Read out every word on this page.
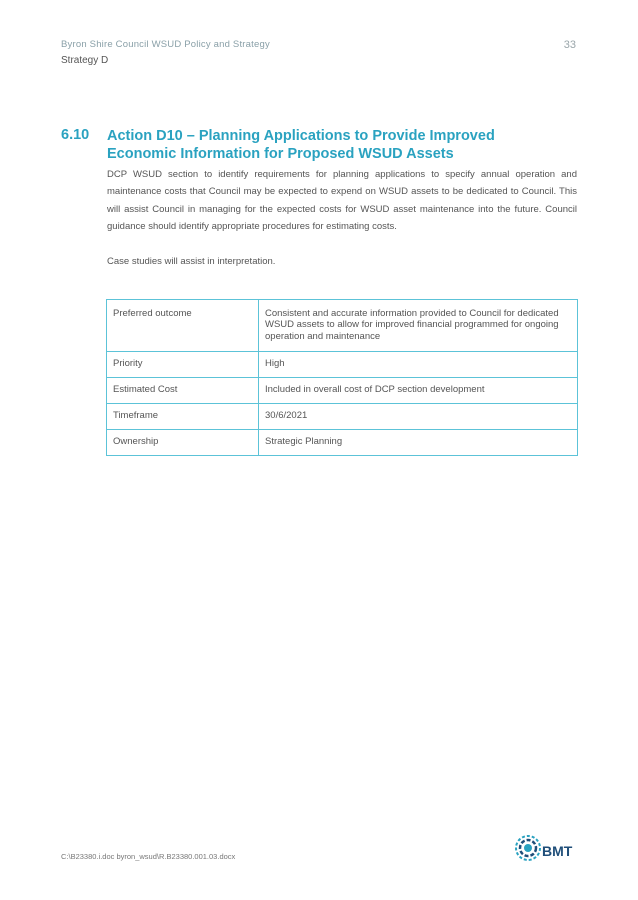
Byron Shire Council WSUD Policy and Strategy
Strategy D
33
6.10 Action D10 – Planning Applications to Provide Improved Economic Information for Proposed WSUD Assets

DCP WSUD section to identify requirements for planning applications to specify annual operation and maintenance costs that Council may be expected to expend on WSUD assets to be dedicated to Council. This will assist Council in managing for the expected costs for WSUD asset maintenance into the future. Council guidance should identify appropriate procedures for estimating costs.

Case studies will assist in interpretation.

Preferred outcome	Consistent and accurate information provided to Council for dedicated WSUD assets to allow for improved financial programmed for ongoing operation and maintenance
Priority	High
Estimated Cost	Included in overall cost of DCP section development
Timeframe	30/6/2021
Ownership	Strategic Planning
C:\B23380.i.doc byron_wsud\R.B23380.001.03.docx	BMT
